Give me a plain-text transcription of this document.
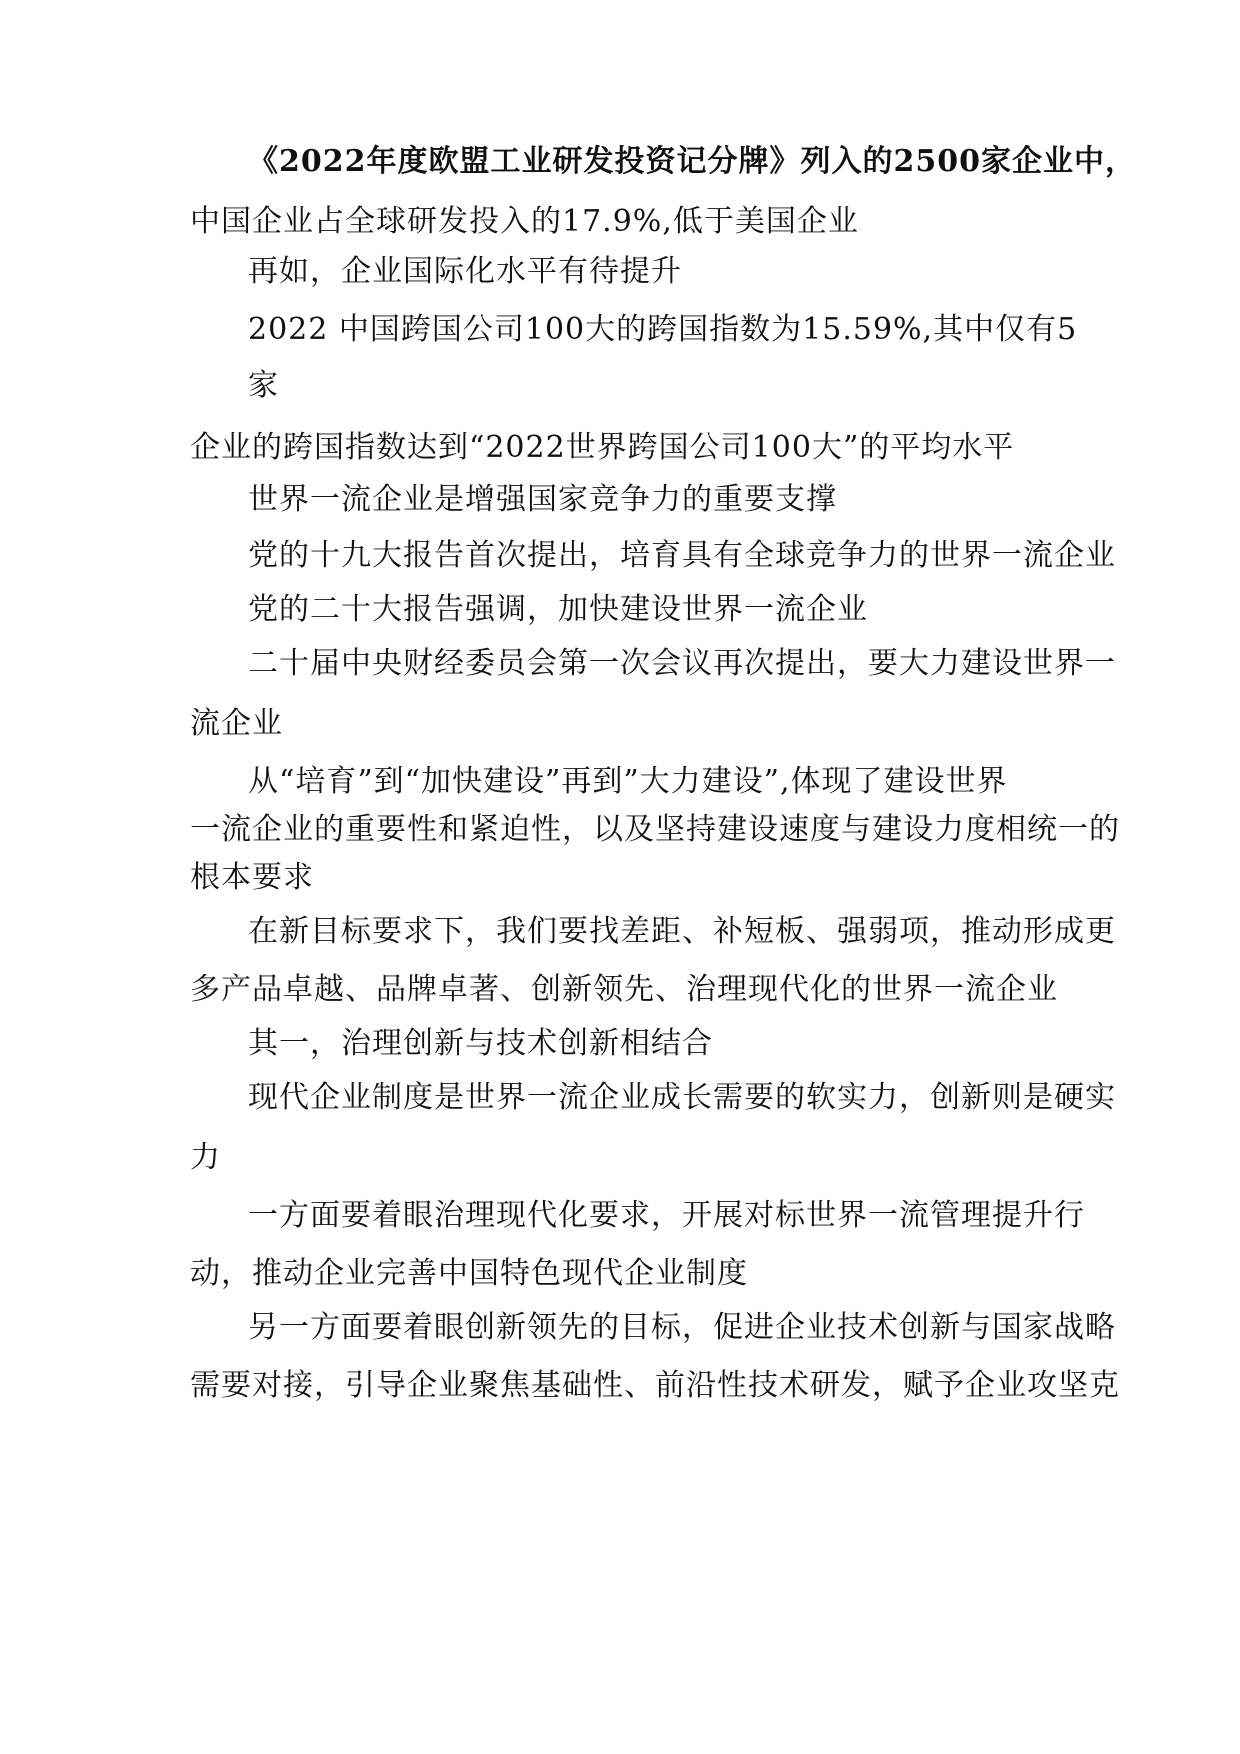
《2022年度欧盟工业研发投资记分牌》列入的2500家企业中，
中国企业占全球研发投入的17.9%,低于美国企业
再如，企业国际化水平有待提升
2022 中国跨国公司100大的跨国指数为15.59%,其中仅有5
家
企业的跨国指数达到“2022世界跨国公司100大”的平均水平
世界一流企业是增强国家竞争力的重要支撑
党的十九大报告首次提出，培育具有全球竞争力的世界一流企业
党的二十大报告强调，加快建设世界一流企业
二十届中央财经委员会第一次会议再次提出，要大力建设世界一
流企业
从“培育”到“加快建设”再到”大力建设”,体现了建设世界
一流企业的重要性和紧迫性，以及坚持建设速度与建设力度相统一的
根本要求
在新目标要求下，我们要找差距、补短板、强弱项，推动形成更
多产品卓越、品牌卓著、创新领先、治理现代化的世界一流企业
其一，治理创新与技术创新相结合
现代企业制度是世界一流企业成长需要的软实力，创新则是硬实
力
一方面要着眼治理现代化要求，开展对标世界一流管理提升行
动，推动企业完善中国特色现代企业制度
另一方面要着眼创新领先的目标，促进企业技术创新与国家战略
需要对接，引导企业聚焦基础性、前沿性技术研发，赋予企业攻坚克
